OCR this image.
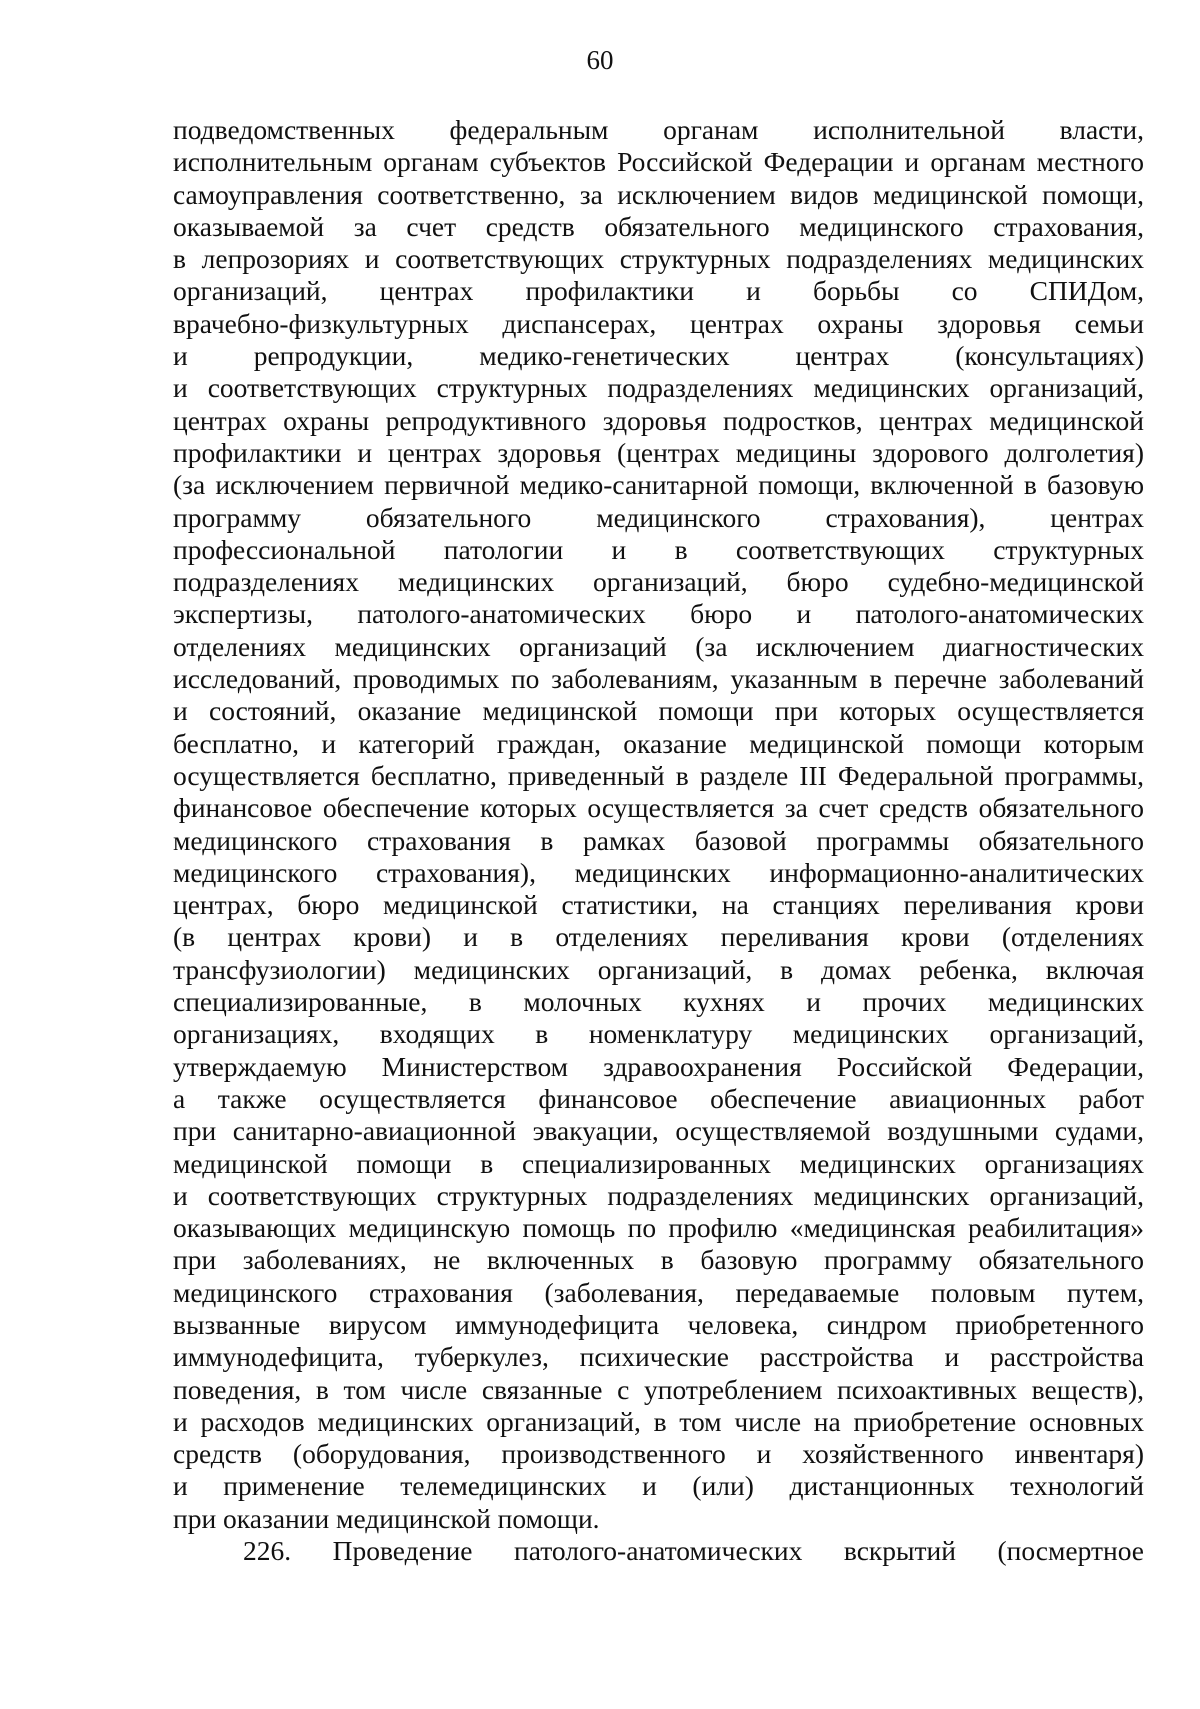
60
подведомственных федеральным органам исполнительной власти,
исполнительным органам субъектов Российской Федерации и органам местного
самоуправления соответственно, за исключением видов медицинской помощи,
оказываемой за счет средств обязательного медицинского страхования,
в лепрозориях и соответствующих структурных подразделениях медицинских
организаций, центрах профилактики и борьбы со СПИДом,
врачебно-физкультурных диспансерах, центрах охраны здоровья семьи
и репродукции, медико-генетических центрах (консультациях)
и соответствующих структурных подразделениях медицинских организаций,
центрах охраны репродуктивного здоровья подростков, центрах медицинской
профилактики и центрах здоровья (центрах медицины здорового долголетия)
(за исключением первичной медико-санитарной помощи, включенной в базовую
программу обязательного медицинского страхования), центрах
профессиональной патологии и в соответствующих структурных
подразделениях медицинских организаций, бюро судебно-медицинской
экспертизы, патолого-анатомических бюро и патолого-анатомических
отделениях медицинских организаций (за исключением диагностических
исследований, проводимых по заболеваниям, указанным в перечне заболеваний
и состояний, оказание медицинской помощи при которых осуществляется
бесплатно, и категорий граждан, оказание медицинской помощи которым
осуществляется бесплатно, приведенный в разделе III Федеральной программы,
финансовое обеспечение которых осуществляется за счет средств обязательного
медицинского страхования в рамках базовой программы обязательного
медицинского страхования), медицинских информационно-аналитических
центрах, бюро медицинской статистики, на станциях переливания крови
(в центрах крови) и в отделениях переливания крови (отделениях
трансфузиологии) медицинских организаций, в домах ребенка, включая
специализированные, в молочных кухнях и прочих медицинских
организациях, входящих в номенклатуру медицинских организаций,
утверждаемую Министерством здравоохранения Российской Федерации,
а также осуществляется финансовое обеспечение авиационных работ
при санитарно-авиационной эвакуации, осуществляемой воздушными судами,
медицинской помощи в специализированных медицинских организациях
и соответствующих структурных подразделениях медицинских организаций,
оказывающих медицинскую помощь по профилю «медицинская реабилитация»
при заболеваниях, не включенных в базовую программу обязательного
медицинского страхования (заболевания, передаваемые половым путем,
вызванные вирусом иммунодефицита человека, синдром приобретенного
иммунодефицита, туберкулез, психические расстройства и расстройства
поведения, в том числе связанные с употреблением психоактивных веществ),
и расходов медицинских организаций, в том числе на приобретение основных
средств (оборудования, производственного и хозяйственного инвентаря)
и применение телемедицинских и (или) дистанционных технологий
при оказании медицинской помощи.
226. Проведение патолого-анатомических вскрытий (посмертное
